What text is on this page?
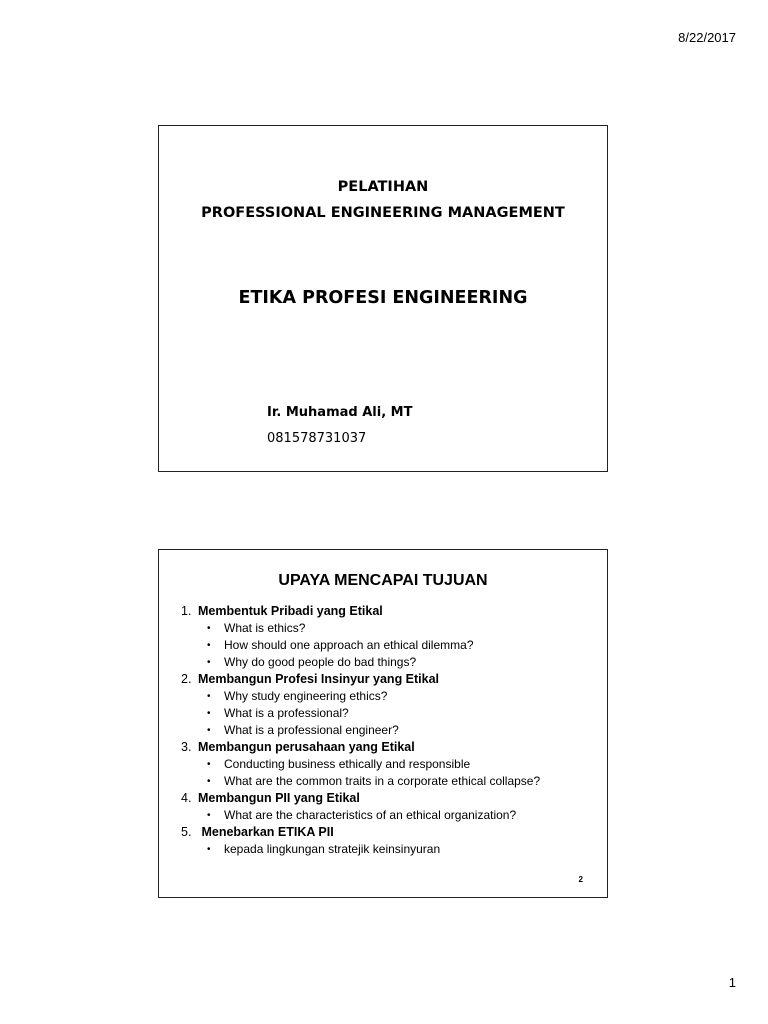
8/22/2017
PELATIHAN
PROFESSIONAL ENGINEERING MANAGEMENT
ETIKA PROFESI ENGINEERING
Ir. Muhamad Ali, MT
081578731037
UPAYA MENCAPAI TUJUAN
1. Membentuk Pribadi yang Etikal
• What is ethics?
• How should one approach an ethical dilemma?
• Why do good people do bad things?
2. Membangun Profesi Insinyur yang Etikal
• Why study engineering ethics?
• What is a professional?
• What is a professional engineer?
3. Membangun perusahaan yang Etikal
• Conducting business ethically and responsible
• What are the common traits in a corporate ethical collapse?
4. Membangun PII yang Etikal
• What are the characteristics of an ethical organization?
5. Menebarkan ETIKA PII
• kepada lingkungan stratejik keinsinyuran
2
1
